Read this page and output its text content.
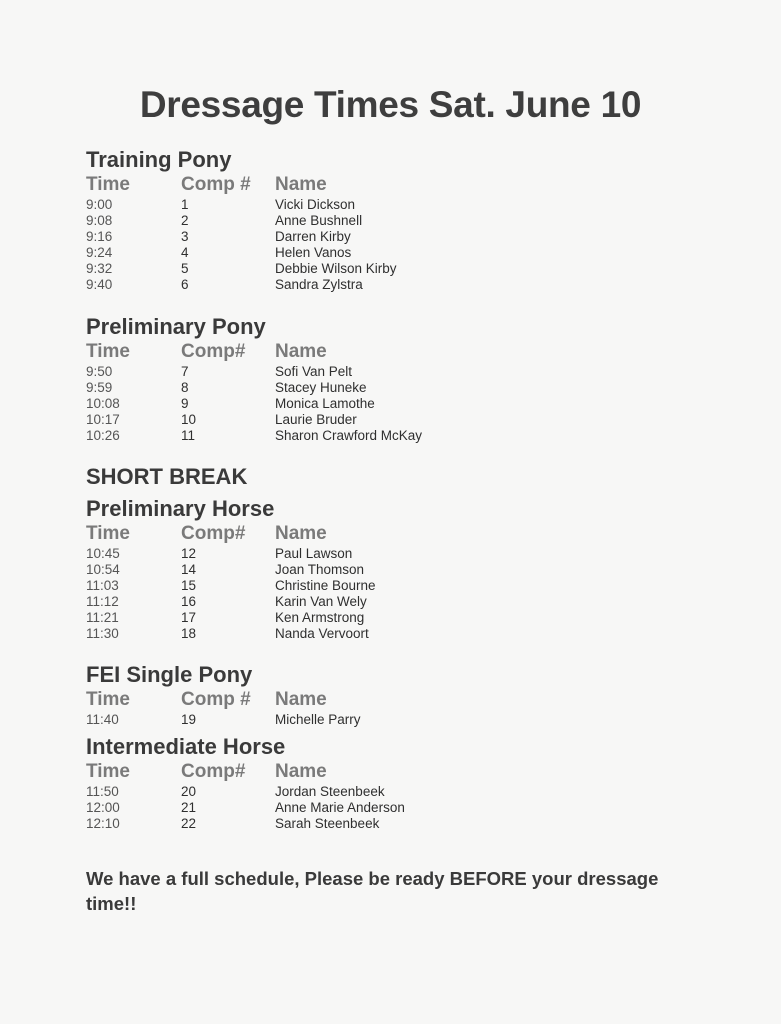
Dressage Times Sat. June 10
Training Pony
Time	Comp # Name
9:00	1	Vicki Dickson
9:08	2	Anne Bushnell
9:16	3	Darren Kirby
9:24	4	Helen Vanos
9:32	5	Debbie Wilson Kirby
9:40	6	Sandra Zylstra
Preliminary Pony
Time	Comp# Name
9:50	7	Sofi Van Pelt
9:59	8	Stacey Huneke
10:08	9	Monica Lamothe
10:17	10	Laurie Bruder
10:26	11	Sharon Crawford McKay
SHORT BREAK
Preliminary Horse
Time	Comp# Name
10:45	12	Paul Lawson
10:54	14	Joan Thomson
11:03	15	Christine Bourne
11:12	16	Karin Van Wely
11:21	17	Ken Armstrong
11:30	18	Nanda Vervoort
FEI Single Pony
Time	Comp # Name
11:40	19	Michelle Parry
Intermediate Horse
Time	Comp# Name
11:50	20	Jordan Steenbeek
12:00	21	Anne Marie Anderson
12:10	22	Sarah Steenbeek
We have a full schedule, Please be ready BEFORE your dressage time!!
